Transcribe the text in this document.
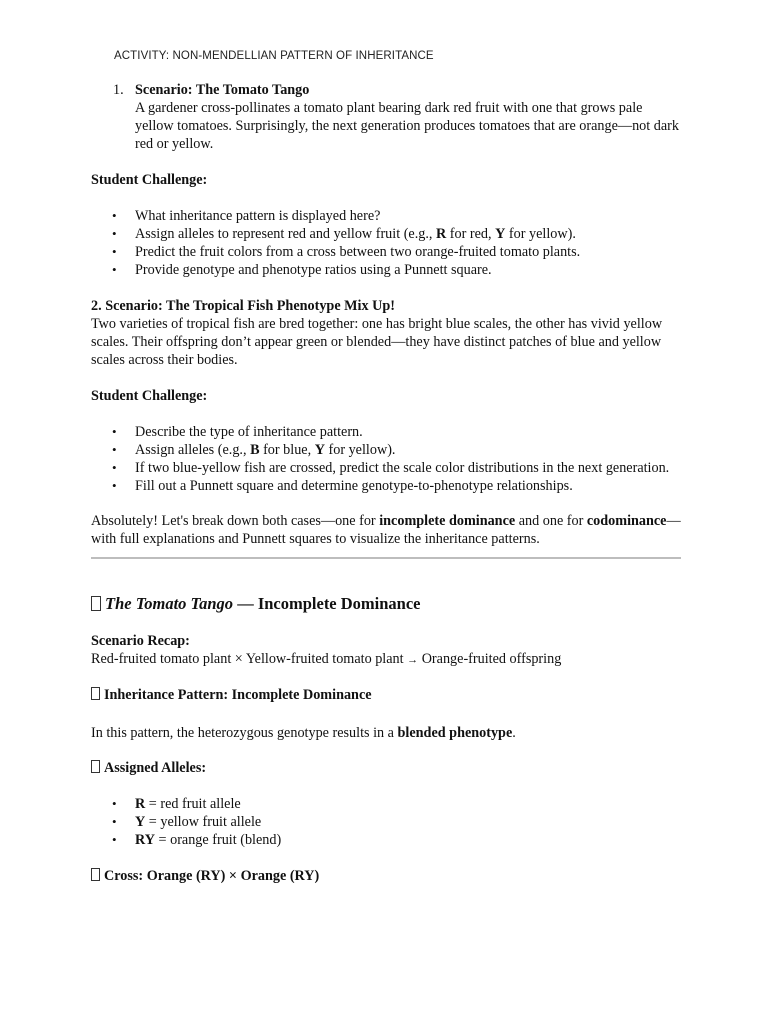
ACTIVITY: NON-MENDELLIAN PATTERN OF INHERITANCE
1. Scenario: The Tomato Tango

A gardener cross-pollinates a tomato plant bearing dark red fruit with one that grows pale yellow tomatoes. Surprisingly, the next generation produces tomatoes that are orange—not dark red or yellow.

Student Challenge:

• What inheritance pattern is displayed here?
• Assign alleles to represent red and yellow fruit (e.g., R for red, Y for yellow).
• Predict the fruit colors from a cross between two orange-fruited tomato plants.
• Provide genotype and phenotype ratios using a Punnett square.

2. Scenario: The Tropical Fish Phenotype Mix Up!

Two varieties of tropical fish are bred together: one has bright blue scales, the other has vivid yellow scales. Their offspring don’t appear green or blended—they have distinct patches of blue and yellow scales across their bodies.

Student Challenge:

• Describe the type of inheritance pattern.
• Assign alleles (e.g., B for blue, Y for yellow).
• If two blue-yellow fish are crossed, predict the scale color distributions in the next generation.
• Fill out a Punnett square and determine genotype-to-phenotype relationships.

Absolutely! Let's break down both cases—one for incomplete dominance and one for codominance—with full explanations and Punnett squares to visualize the inheritance patterns.

The Tomato Tango — Incomplete Dominance

Scenario Recap:

Red-fruited tomato plant × Yellow-fruited tomato plant → Orange-fruited offspring

Inheritance Pattern: Incomplete Dominance

In this pattern, the heterozygous genotype results in a blended phenotype.

Assigned Alleles:

• R = red fruit allele
• Y = yellow fruit allele
• RY = orange fruit (blend)

Cross: Orange (RY) × Orange (RY)
